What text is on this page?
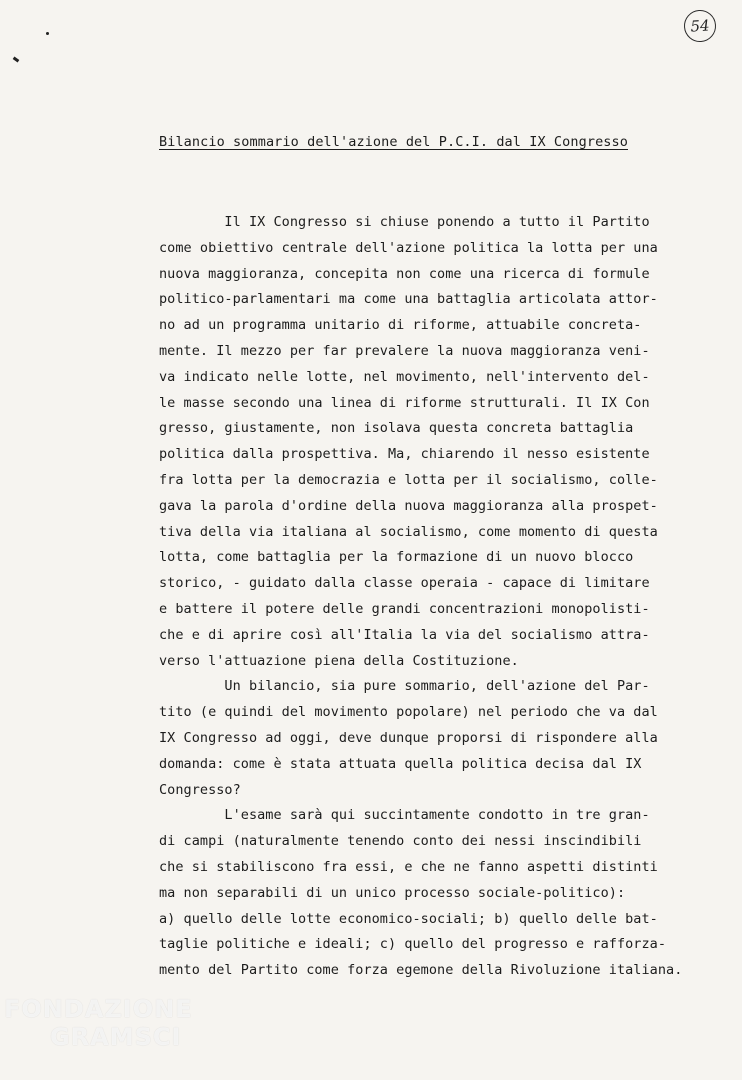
54
Bilancio sommario dell'azione del P.C.I. dal IX Congresso
Il IX Congresso si chiuse ponendo a tutto il Partito
come obiettivo centrale dell'azione politica la lotta per una
nuova maggioranza, concepita non come una ricerca di formule
politico-parlamentari ma come una battaglia articolata attor-
no ad un programma unitario di riforme, attuabile concreta-
mente. Il mezzo per far prevalere la nuova maggioranza veni-
va indicato nelle lotte, nel movimento, nell'intervento del-
le masse secondo una linea di riforme strutturali. Il IX Con
gresso, giustamente, non isolava questa concreta battaglia
politica dalla prospettiva. Ma, chiarendo il nesso esistente
fra lotta per la democrazia e lotta per il socialismo, colle-
gava la parola d'ordine della nuova maggioranza alla prospet-
tiva della via italiana al socialismo, come momento di questa
lotta, come battaglia per la formazione di un nuovo blocco
storico, - guidato dalla classe operaia - capace di limitare
e battere il potere delle grandi concentrazioni monopolisti-
che e di aprire così all'Italia la via del socialismo attra-
verso l'attuazione piena della Costituzione.
Un bilancio, sia pure sommario, dell'azione del Par-
tito (e quindi del movimento popolare) nel periodo che va dal
IX Congresso ad oggi, deve dunque proporsi di rispondere alla
domanda: come è stata attuata quella politica decisa dal IX
Congresso?
L'esame sarà qui succintamente condotto in tre gran-
di campi (naturalmente tenendo conto dei nessi inscindibili
che si stabiliscono fra essi, e che ne fanno aspetti distinti
ma non separabili di un unico processo sociale-politico):
a) quello delle lotte economico-sociali; b) quello delle bat-
taglie politiche e ideali; c) quello del progresso e rafforza-
mento del Partito come forza egemone della Rivoluzione italiana.
FONDAZIONE
GRAMSCI
